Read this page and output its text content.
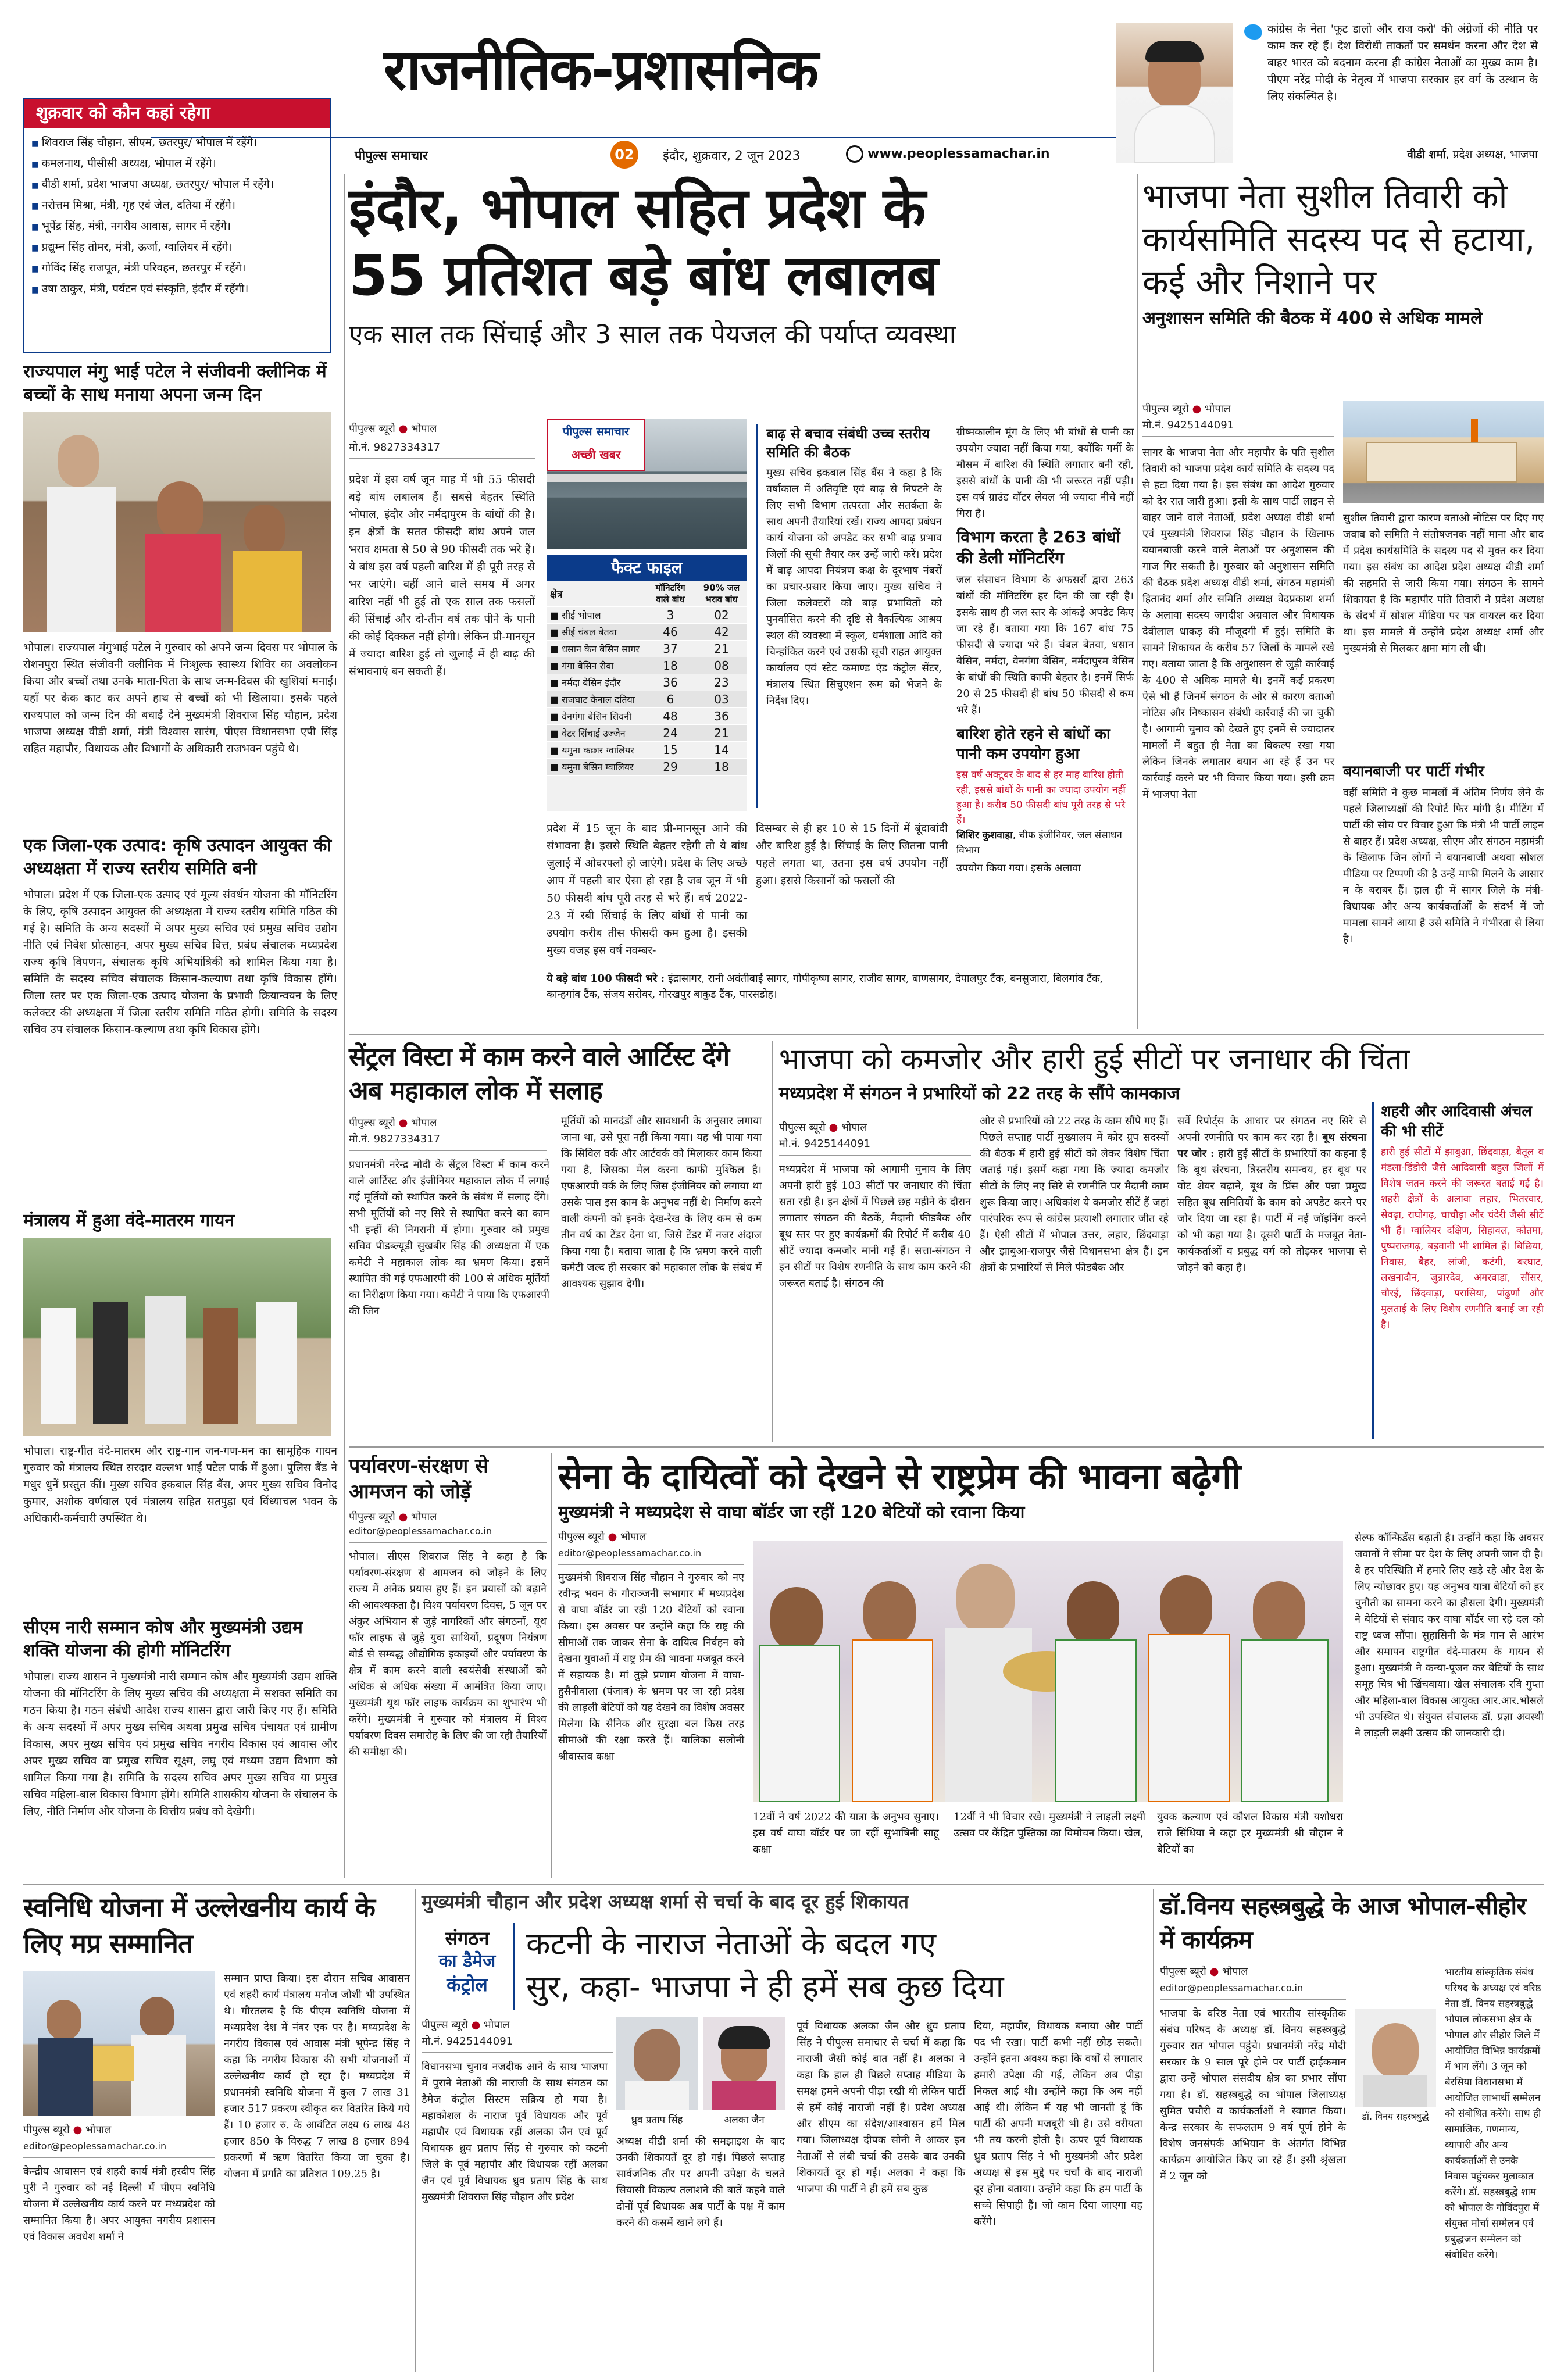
राजनीतिक-प्रशासनिक
पीपुल्स समाचार	02	इंदौर, शुक्रवार, 2 जून 2023	www.peoplessamachar.in
कांग्रेस के नेता 'फूट डालो और राज करो' की अंग्रेजों की नीति पर काम कर रहे हैं। देश विरोधी ताकतों पर समर्थन करना और देश से बाहर भारत को बदनाम करना ही कांग्रेस नेताओं का मुख्य काम है। पीएम नरेंद्र मोदी के नेतृत्व में भाजपा सरकार हर वर्ग के उत्थान के लिए संकल्पित है।
वीडी शर्मा, प्रदेश अध्यक्ष, भाजपा
शुक्रवार को कौन कहां रहेगा
■ शिवराज सिंह चौहान, सीएम, छतरपुर/ भोपाल में रहेंगे।
■ कमलनाथ, पीसीसी अध्यक्ष, भोपाल में रहेंगे।
■ वीडी शर्मा, प्रदेश भाजपा अध्यक्ष, छतरपुर/ भोपाल में रहेंगे।
■ नरोत्तम मिश्रा, मंत्री, गृह एवं जेल, दतिया में रहेंगे।
■ भूपेंद्र सिंह, मंत्री, नगरीय आवास, सागर में रहेंगे।
■ प्रद्युम्न सिंह तोमर, मंत्री, ऊर्जा, ग्वालियर में रहेंगे।
■ गोविंद सिंह राजपूत, मंत्री परिवहन, छतरपुर में रहेंगे।
■ उषा ठाकुर, मंत्री, पर्यटन एवं संस्कृति, इंदौर में रहेंगी।
राज्यपाल मंगु भाई पटेल ने संजीवनी क्लीनिक में बच्चों के साथ मनाया अपना जन्म दिन
भोपाल। राज्यपाल मंगुभाई पटेल ने गुरुवार को अपने जन्म दिवस पर भोपाल के रोशनपुरा स्थित संजीवनी क्लीनिक में निःशुल्क स्वास्थ्य शिविर का अवलोकन किया और बच्चों तथा उनके माता-पिता के साथ जन्म-दिवस की खुशियां मनाईं। यहाँ पर केक काट कर अपने हाथ से बच्चों को भी खिलाया। इसके पहले राज्यपाल को जन्म दिन की बधाई देने मुख्यमंत्री शिवराज सिंह चौहान, प्रदेश भाजपा अध्यक्ष वीडी शर्मा, मंत्री विश्वास सारंग, पीएस विधानसभा एपी सिंह सहित महापौर, विधायक और विभागों के अधिकारी राजभवन पहुंचे थे।
एक जिला-एक उत्पाद: कृषि उत्पादन आयुक्त की अध्यक्षता में राज्य स्तरीय समिति बनी
भोपाल। प्रदेश में एक जिला-एक उत्पाद एवं मूल्य संवर्धन योजना की मॉनिटरिंग के लिए, कृषि उत्पादन आयुक्त की अध्यक्षता में राज्य स्तरीय समिति गठित की गई है। समिति के अन्य सदस्यों में अपर मुख्य सचिव एवं प्रमुख सचिव उद्योग नीति एवं निवेश प्रोत्साहन, अपर मुख्य सचिव वित्त, प्रबंध संचालक मध्यप्रदेश राज्य कृषि विपणन, संचालक कृषि अभियांत्रिकी को शामिल किया गया है। समिति के सदस्य सचिव संचालक किसान-कल्याण तथा कृषि विकास होंगे। जिला स्तर पर एक जिला-एक उत्पाद योजना के प्रभावी क्रियान्वयन के लिए कलेक्टर की अध्यक्षता में जिला स्तरीय समिति गठित होगी। समिति के सदस्य सचिव उप संचालक किसान-कल्याण तथा कृषि विकास होंगे।
मंत्रालय में हुआ वंदे-मातरम गायन
भोपाल। राष्ट्र-गीत वंदे-मातरम और राष्ट्र-गान जन-गण-मन का सामूहिक गायन गुरुवार को मंत्रालय स्थित सरदार वल्लभ भाई पटेल पार्क में हुआ। पुलिस बैंड ने मधुर धुनें प्रस्तुत कीं। मुख्य सचिव इकबाल सिंह बैंस, अपर मुख्य सचिव विनोद कुमार, अशोक वर्णवाल एवं मंत्रालय सहित सतपुड़ा एवं विंध्याचल भवन के अधिकारी-कर्मचारी उपस्थित थे।
सीएम नारी सम्मान कोष और मुख्यमंत्री उद्यम शक्ति योजना की होगी मॉनिटरिंग
भोपाल। राज्य शासन ने मुख्यमंत्री नारी सम्मान कोष और मुख्यमंत्री उद्यम शक्ति योजना की मॉनिटरिंग के लिए मुख्य सचिव की अध्यक्षता में सशक्त समिति का गठन किया है। गठन संबंधी आदेश राज्य शासन द्वारा जारी किए गए हैं। समिति के अन्य सदस्यों में अपर मुख्य सचिव अथवा प्रमुख सचिव पंचायत एवं ग्रामीण विकास, अपर मुख्य सचिव एवं प्रमुख सचिव नगरीय विकास एवं आवास और अपर मुख्य सचिव वा प्रमुख सचिव सूक्ष्म, लघु एवं मध्यम उद्यम विभाग को शामिल किया गया है। समिति के सदस्य सचिव अपर मुख्य सचिव या प्रमुख सचिव महिला-बाल विकास विभाग होंगे। समिति शासकीय योजना के संचालन के लिए, नीति निर्माण और योजना के वित्तीय प्रबंध को देखेगी।
इंदौर, भोपाल सहित प्रदेश के
55 प्रतिशत बड़े बांध लबालब
एक साल तक सिंचाई और 3 साल तक पेयजल की पर्याप्त व्यवस्था
पीपुल्स ब्यूरो ● भोपाल
मो.नं. 9827334317
प्रदेश में इस वर्ष जून माह में भी 55 फीसदी बड़े बांध लबालब हैं। सबसे बेहतर स्थिति भोपाल, इंदौर और नर्मदापुरम के बांधों की है। इन क्षेत्रों के सतत फीसदी बांध अपने जल भराव क्षमता से 50 से 90 फीसदी तक भरे हैं। ये बांध इस वर्ष पहली बारिश में ही पूरी तरह से भर जाएंगे। वहीं आने वाले समय में अगर बारिश नहीं भी हुई तो एक साल तक फसलों की सिंचाई और दो-तीन वर्ष तक पीने के पानी की कोई दिक्कत नहीं होगी। लेकिन प्री-मानसून में ज्यादा बारिश हुई तो जुलाई में ही बाढ़ की संभावनाएं बन सकती हैं।
पीपुल्स समाचार
अच्छी खबर
फैक्ट फाइल
क्षेत्र	मॉनिटरिंग वाले बांध	90% जल भराव बांध
■ सीई भोपाल	3	02
■ सीई चंबल बेतवा	46	42
■ धसान केन बेसिन सागर	37	21
■ गंगा बेसिन रीवा	18	08
■ नर्मदा बेसिन इंदौर	36	23
■ राजघाट कैनाल दतिया	6	03
■ वेनगंगा बेसिन सिवनी	48	36
■ वेटर सिंचाई उज्जैन	24	21
■ यमुना कछार ग्वालियर	15	14
■ यमुना बेसिन ग्वालियर	29	18
प्रदेश में 15 जून के बाद प्री-मानसून आने की संभावना है। इससे स्थिति बेहतर रहेगी तो ये बांध जुलाई में ओवरफ्लो हो जाएंगे। प्रदेश के लिए अच्छे आप में पहली बार ऐसा हो रहा है जब जून में भी 50 फीसदी बांध पूरी तरह से भरे हैं। वर्ष 2022-23 में रबी सिंचाई के लिए बांधों से पानी का उपयोग करीब तीस फीसदी कम हुआ है। इसकी मुख्य वजह इस वर्ष नवम्बर-
बाढ़ से बचाव संबंधी उच्च स्तरीय समिति की बैठक
मुख्य सचिव इकबाल सिंह बैंस ने कहा है कि वर्षाकाल में अतिवृष्टि एवं बाढ़ से निपटने के लिए सभी विभाग तत्परता और सतर्कता के साथ अपनी तैयारियां रखें। राज्य आपदा प्रबंधन कार्य योजना को अपडेट कर सभी बाढ़ प्रभाव जिलों की सूची तैयार कर उन्हें जारी करें। प्रदेश में बाढ़ आपदा नियंत्रण कक्ष के दूरभाष नंबरों का प्रचार-प्रसार किया जाए। मुख्य सचिव ने जिला कलेक्टरों को बाढ़ प्रभावितों को पुनर्वासित करने की दृष्टि से वैकल्पिक आश्रय स्थल की व्यवस्था में स्कूल, धर्मशाला आदि को चिन्हांकित करने एवं उसकी सूची राहत आयुक्त कार्यालय एवं स्टेट कमाण्ड एंड कंट्रोल सेंटर, मंत्रालय स्थित सिचुएशन रूम को भेजने के निर्देश दिए।
दिसम्बर से ही हर 10 से 15 दिनों में बूंदाबांदी और बारिश हुई है। सिंचाई के लिए जितना पानी पहले लगता था, उतना इस वर्ष उपयोग नहीं हुआ। इससे किसानों को फसलों की
ये बड़े बांध 100 फीसदी भरे : इंद्रासागर, रानी अवंतीबाई सागर, गोपीकृष्ण सागर, राजीव सागर, बाणसागर, देपालपुर टैंक, बनसुजारा, बिलगांव टैंक, कान्हगांव टैंक, संजय सरोवर, गोरखपुर बाकुड टैंक, पारसडोह।
ग्रीष्मकालीन मूंग के लिए भी बांधों से पानी का उपयोग ज्यादा नहीं किया गया, क्योंकि गर्मी के मौसम में बारिश की स्थिति लगातार बनी रही, इससे बांधों के पानी की भी जरूरत नहीं पड़ी। इस वर्ष ग्राउंड वॉटर लेवल भी ज्यादा नीचे नहीं गिरा है।
विभाग करता है 263 बांधों की डेली मॉनिटरिंग
जल संसाधन विभाग के अफसरों द्वारा 263 बांधों की मॉनिटरिंग हर दिन की जा रही है। इसके साथ ही जल स्तर के आंकड़े अपडेट किए जा रहे हैं। बताया गया कि 167 बांध 75 फीसदी से ज्यादा भरे हैं। चंबल बेतवा, धसान बेसिन, नर्मदा, वेनगंगा बेसिन, नर्मदापुरम बेसिन के बांधों की स्थिति काफी बेहतर है। इनमें सिर्फ 20 से 25 फीसदी ही बांध 50 फीसदी से कम भरे हैं।
बारिश होते रहने से बांधों का पानी कम उपयोग हुआ
इस वर्ष अक्टूबर के बाद से हर माह बारिश होती रही, इससे बांधों के पानी का ज्यादा उपयोग नहीं हुआ है। करीब 50 फीसदी बांध पूरी तरह से भरे हैं।
शिशिर कुशवाहा, चीफ इंजीनियर, जल संसाधन विभाग
उपयोग किया गया। इसके अलावा
भाजपा नेता सुशील तिवारी को कार्यसमिति सदस्य पद से हटाया, कई और निशाने पर
अनुशासन समिति की बैठक में 400 से अधिक मामले
पीपुल्स ब्यूरो ● भोपाल
मो.नं. 9425144091
सागर के भाजपा नेता और महापौर के पति सुशील तिवारी को भाजपा प्रदेश कार्य समिति के सदस्य पद से हटा दिया गया है। इस संबंध का आदेश गुरुवार को देर रात जारी हुआ। इसी के साथ पार्टी लाइन से बाहर जाने वाले नेताओं, प्रदेश अध्यक्ष वीडी शर्मा एवं मुख्यमंत्री शिवराज सिंह चौहान के खिलाफ बयानबाजी करने वाले नेताओं पर अनुशासन की गाज गिर सकती है। गुरुवार को अनुशासन समिति की बैठक प्रदेश अध्यक्ष वीडी शर्मा, संगठन महामंत्री हितानंद शर्मा और समिति अध्यक्ष वेदप्रकाश शर्मा के अलावा सदस्य जगदीश अग्रवाल और विधायक देवीलाल धाकड़ की मौजूदगी में हुई। समिति के सामने शिकायत के करीब 57 जिलों के मामले रखे गए। बताया जाता है कि अनुशासन से जुड़ी कार्रवाई के 400 से अधिक मामले थे। इनमें कई प्रकरण ऐसे भी हैं जिनमें संगठन के ओर से कारण बताओ नोटिस और निष्कासन संबंधी कार्रवाई की जा चुकी है। आगामी चुनाव को देखते हुए इनमें से ज्यादातर मामलों में बहुत ही नेता का विकल्प रखा गया लेकिन जिनके लगातार बयान आ रहे हैं उन पर कार्रवाई करने पर भी विचार किया गया। इसी क्रम में भाजपा नेता
सुशील तिवारी द्वारा कारण बताओ नोटिस पर दिए गए जवाब को समिति ने संतोषजनक नहीं माना और बाद में प्रदेश कार्यसमिति के सदस्य पद से मुक्त कर दिया गया। इस संबंध का आदेश प्रदेश अध्यक्ष वीडी शर्मा की सहमति से जारी किया गया। संगठन के सामने शिकायत है कि महापौर पति तिवारी ने प्रदेश अध्यक्ष के संदर्भ में सोशल मीडिया पर पत्र वायरल कर दिया था। इस मामले में उन्होंने प्रदेश अध्यक्ष शर्मा और मुख्यमंत्री से मिलकर क्षमा मांग ली थी।
बयानबाजी पर पार्टी गंभीर
वहीं समिति ने कुछ मामलों में अंतिम निर्णय लेने के पहले जिलाध्यक्षों की रिपोर्ट फिर मांगी है। मीटिंग में पार्टी की सोच पर विचार हुआ कि मंत्री भी पार्टी लाइन से बाहर हैं। प्रदेश अध्यक्ष, सीएम और संगठन महामंत्री के खिलाफ जिन लोगों ने बयानबाजी अथवा सोशल मीडिया पर टिप्पणी की है उन्हें माफी मिलने के आसार न के बराबर हैं। हाल ही में सागर जिले के मंत्री-विधायक और अन्य कार्यकर्ताओं के संदर्भ में जो मामला सामने आया है उसे समिति ने गंभीरता से लिया है।
सेंट्रल विस्टा में काम करने वाले आर्टिस्ट देंगे अब महाकाल लोक में सलाह
पीपुल्स ब्यूरो ● भोपाल
मो.नं. 9827334317
प्रधानमंत्री नरेन्द्र मोदी के सेंट्रल विस्टा में काम करने वाले आर्टिस्ट और इंजीनियर महाकाल लोक में लगाई गई मूर्तियों को स्थापित करने के संबंध में सलाह देंगे। सभी मूर्तियों को नए सिरे से स्थापित करने का काम भी इन्हीं की निगरानी में होगा। गुरुवार को प्रमुख सचिव पीडब्ल्यूडी सुखबीर सिंह की अध्यक्षता में एक कमेटी ने महाकाल लोक का भ्रमण किया। इसमें स्थापित की गई एफआरपी की 100 से अधिक मूर्तियों का निरीक्षण किया गया। कमेटी ने पाया कि एफआरपी की जिन
मूर्तियों को मानदंडों और सावधानी के अनुसार लगाया जाना था, उसे पूरा नहीं किया गया। यह भी पाया गया कि सिविल वर्क और आर्टवर्क को मिलाकर काम किया गया है, जिसका मेल करना काफी मुश्किल है। एफआरपी वर्क के लिए जिस इंजीनियर को लगाया था उसके पास इस काम के अनुभव नहीं थे। निर्माण करने वाली कंपनी को इनके देख-रेख के लिए कम से कम तीन वर्ष का टेंडर देना था, जिसे टेंडर में नजर अंदाज किया गया है। बताया जाता है कि भ्रमण करने वाली कमेटी जल्द ही सरकार को महाकाल लोक के संबंध में आवश्यक सुझाव देगी।
भाजपा को कमजोर और हारी हुई सीटों पर जनाधार की चिंता
मध्यप्रदेश में संगठन ने प्रभारियों को 22 तरह के सौंपे कामकाज
पीपुल्स ब्यूरो ● भोपाल
मो.नं. 9425144091
मध्यप्रदेश में भाजपा को आगामी चुनाव के लिए अपनी हारी हुई 103 सीटों पर जनाधार की चिंता सता रही है। इन क्षेत्रों में पिछले छह महीने के दौरान लगातार संगठन की बैठकें, मैदानी फीडबैक और बूथ स्तर पर हुए कार्यक्रमों की रिपोर्ट में करीब 40 सीटें ज्यादा कमजोर मानी गई हैं। सत्ता-संगठन ने इन सीटों पर विशेष रणनीति के साथ काम करने की जरूरत बताई है। संगठन की
ओर से प्रभारियों को 22 तरह के काम सौंपे गए हैं। पिछले सप्ताह पार्टी मुख्यालय में कोर ग्रुप सदस्यों की बैठक में हारी हुई सीटों को लेकर विशेष चिंता जताई गई। इसमें कहा गया कि ज्यादा कमजोर सीटों के लिए नए सिरे से रणनीति पर मैदानी काम शुरू किया जाए। अधिकांश ये कमजोर सीटें हैं जहां पारंपरिक रूप से कांग्रेस प्रत्याशी लगातार जीत रहे हैं। ऐसी सीटों में भोपाल उत्तर, लहार, छिंदवाड़ा और झाबुआ-राजपुर जैसे विधानसभा क्षेत्र हैं। इन क्षेत्रों के प्रभारियों से मिले फीडबैक और
सर्वे रिपोर्ट्स के आधार पर संगठन नए सिरे से अपनी रणनीति पर काम कर रहा है। बूथ संरचना पर जोर : हारी हुई सीटों के प्रभारियों का कहना है कि बूथ संरचना, त्रिस्तरीय समन्वय, हर बूथ पर वोट शेयर बढ़ाने, बूथ के प्रिंस और पन्ना प्रमुख सहित बूथ समितियों के काम को अपडेट करने पर जोर दिया जा रहा है। पार्टी में नई जॉइनिंग करने को भी कहा गया है। दूसरी पार्टी के मजबूत नेता-कार्यकर्ताओं व प्रबुद्ध वर्ग को तोड़कर भाजपा से जोड़ने को कहा है।
शहरी और आदिवासी अंचल की भी सीटें
हारी हुई सीटों में झाबुआ, छिंदवाड़ा, बैतूल व मंडला-डिंडोरी जैसे आदिवासी बहुल जिलों में विशेष जतन करने की जरूरत बताई गई है। शहरी क्षेत्रों के अलावा लहार, भितरवार, सेवढ़ा, राघोगढ़, चाचौड़ा और चंदेरी जैसी सीटें भी हैं। ग्वालियर दक्षिण, सिहावल, कोतमा, पुष्पराजगढ़, बड़वानी भी शामिल हैं। बिछिया, निवास, बैहर, लांजी, कटंगी, बरघाट, लखनादौन, जुन्नारदेव, अमरवाड़ा, सौंसर, चौरई, छिंदवाड़ा, परासिया, पांढुर्णा और मुलताई के लिए विशेष रणनीति बनाई जा रही है।
पर्यावरण-संरक्षण से आमजन को जोड़ें
पीपुल्स ब्यूरो ● भोपाल
editor@peoplessamachar.co.in
भोपाल। सीएस शिवराज सिंह ने कहा है कि पर्यावरण-संरक्षण से आमजन को जोड़ने के लिए राज्य में अनेक प्रयास हुए हैं। इन प्रयासों को बढ़ाने की आवश्यकता है। विश्व पर्यावरण दिवस, 5 जून पर अंकुर अभियान से जुड़े नागरिकों और संगठनों, यूथ फॉर लाइफ से जुड़े युवा साथियों, प्रदूषण नियंत्रण बोर्ड से सम्बद्ध औद्योगिक इकाइयों और पर्यावरण के क्षेत्र में काम करने वाली स्वयंसेवी संस्थाओं को अधिक से अधिक संख्या में आमंत्रित किया जाए। मुख्यमंत्री यूथ फॉर लाइफ कार्यक्रम का शुभारंभ भी करेंगे। मुख्यमंत्री ने गुरुवार को मंत्रालय में विश्व पर्यावरण दिवस समारोह के लिए की जा रही तैयारियों की समीक्षा की।
सेना के दायित्वों को देखने से राष्ट्रप्रेम की भावना बढ़ेगी
मुख्यमंत्री ने मध्यप्रदेश से वाघा बॉर्डर जा रहीं 120 बेटियों को रवाना किया
पीपुल्स ब्यूरो ● भोपाल
editor@peoplessamachar.co.in
मुख्यमंत्री शिवराज सिंह चौहान ने गुरुवार को नए रवीन्द्र भवन के गौराञ्जनी सभागार में मध्यप्रदेश से वाघा बॉर्डर जा रही 120 बेटियों को रवाना किया। इस अवसर पर उन्होंने कहा कि राष्ट्र की सीमाओं तक जाकर सेना के दायित्व निर्वहन को देखना युवाओं में राष्ट्र प्रेम की भावना मजबूत करने में सहायक है। मां तुझे प्रणाम योजना में वाघा-हुसैनीवाला (पंजाब) के भ्रमण पर जा रही प्रदेश की लाड़ली बेटियों को यह देखने का विशेष अवसर मिलेगा कि सैनिक और सुरक्षा बल किस तरह सीमाओं की रक्षा करते हैं। बालिका सलोनी श्रीवास्तव कक्षा
12वीं ने वर्ष 2022 की यात्रा के अनुभव सुनाए। इस वर्ष वाघा बॉर्डर पर जा रहीं सुभाषिनी साहू कक्षा
12वीं ने भी विचार रखे। मुख्यमंत्री ने लाड़ली लक्ष्मी उत्सव पर केंद्रित पुस्तिका का विमोचन किया। खेल,
युवक कल्याण एवं कौशल विकास मंत्री यशोधरा राजे सिंधिया ने कहा हर मुख्यमंत्री श्री चौहान ने बेटियों का
सेल्फ कॉन्फिडेंस बढ़ाती है। उन्होंने कहा कि अवसर जवानों ने सीमा पर देश के लिए अपनी जान दी है। वे हर परिस्थिति में हमारे लिए खड़े रहे और देश के लिए न्योछावर हुए। यह अनुभव यात्रा बेटियों को हर चुनौती का सामना करने का हौसला देगी। मुख्यमंत्री ने बेटियों से संवाद कर वाघा बॉर्डर जा रहे दल को राष्ट्र ध्वज सौंपा। सुहासिनी के मंत्र गान से आरंभ और समापन राष्ट्रगीत वंदे-मातरम के गायन से हुआ। मुख्यमंत्री ने कन्या-पूजन कर बेटियों के साथ समूह चित्र भी खिंचवाया। खेल संचालक रवि गुप्ता और महिला-बाल विकास आयुक्त आर.आर.भोसले भी उपस्थित थे। संयुक्त संचालक डॉ. प्रज्ञा अवस्थी ने लाड़ली लक्ष्मी उत्सव की जानकारी दी।
स्वनिधि योजना में उल्लेखनीय कार्य के लिए मप्र सम्मानित
पीपुल्स ब्यूरो ● भोपाल
editor@peoplessamachar.co.in
केन्द्रीय आवासन एवं शहरी कार्य मंत्री हरदीप सिंह पुरी ने गुरुवार को नई दिल्ली में पीएम स्वनिधि योजना में उल्लेखनीय कार्य करने पर मध्यप्रदेश को सम्मानित किया है। अपर आयुक्त नगरीय प्रशासन एवं विकास अवधेश शर्मा ने
सम्मान प्राप्त किया। इस दौरान सचिव आवासन एवं शहरी कार्य मंत्रालय मनोज जोशी भी उपस्थित थे। गौरतलब है कि पीएम स्वनिधि योजना में मध्यप्रदेश देश में नंबर एक पर है। मध्यप्रदेश के नगरीय विकास एवं आवास मंत्री भूपेन्द्र सिंह ने कहा कि नगरीय विकास की सभी योजनाओं में उल्लेखनीय कार्य हो रहा है। मध्यप्रदेश में प्रधानमंत्री स्वनिधि योजना में कुल 7 लाख 31 हजार 517 प्रकरण स्वीकृत कर वितरित किये गये हैं। 10 हजार रु. के आवंटित लक्ष्य 6 लाख 48 हजार 850 के विरुद्ध 7 लाख 8 हजार 894 प्रकरणों में ऋण वितरित किया जा चुका है। योजना में प्रगति का प्रतिशत 109.25 है।
मुख्यमंत्री चौहान और प्रदेश अध्यक्ष शर्मा से चर्चा के बाद दूर हुई शिकायत
संगठन
का डैमेज
कंट्रोल
कटनी के नाराज नेताओं के बदल गए
सुर, कहा- भाजपा ने ही हमें सब कुछ दिया
पीपुल्स ब्यूरो ● भोपाल
मो.नं. 9425144091
विधानसभा चुनाव नजदीक आने के साथ भाजपा में पुराने नेताओं की नाराजी के साथ संगठन का डैमेज कंट्रोल सिस्टम सक्रिय हो गया है। महाकोशल के नाराज पूर्व विधायक और पूर्व महापौर एवं विधायक रहीं अलका जैन एवं पूर्व विधायक ध्रुव प्रताप सिंह से गुरुवार को कटनी जिले के पूर्व महापौर और विधायक रहीं अलका जैन एवं पूर्व विधायक ध्रुव प्रताप सिंह के साथ मुख्यमंत्री शिवराज सिंह चौहान और प्रदेश
ध्रुव प्रताप सिंह	अलका जैन
अध्यक्ष वीडी शर्मा की समझाइश के बाद उनकी शिकायतें दूर हो गई। पिछले सप्ताह सार्वजनिक तौर पर अपनी उपेक्षा के चलते सियासी विकल्प तलाशने की बातें कहने वाले दोनों पूर्व विधायक अब पार्टी के पक्ष में काम करने की कसमें खाने लगे हैं।
पूर्व विधायक अलका जैन और ध्रुव प्रताप सिंह ने पीपुल्स समाचार से चर्चा में कहा कि नाराजी जैसी कोई बात नहीं है। अलका ने कहा कि हाल ही पिछले सप्ताह मीडिया के समक्ष हमने अपनी पीड़ा रखी थी लेकिन पार्टी से हमें कोई नाराजी नहीं है। प्रदेश अध्यक्ष और सीएम का संदेश/आश्वासन हमें मिल गया। जिलाध्यक्ष दीपक सोनी ने आकर इन नेताओं से लंबी चर्चा की उसके बाद उनकी शिकायतें दूर हो गईं। अलका ने कहा कि भाजपा की पार्टी ने ही हमें सब कुछ
दिया, महापौर, विधायक बनाया और पार्टी पद भी रखा। पार्टी कभी नहीं छोड़ सकते। उन्होंने इतना अवश्य कहा कि वर्षों से लगातार हमारी उपेक्षा की गई, लेकिन अब पीड़ा निकल आई थी। उन्होंने कहा कि अब नहीं आई थी। लेकिन मैं यह भी जानती हूं कि पार्टी की अपनी मजबूरी भी है। उसे वरीयता भी तय करनी होती है। ऊपर पूर्व विधायक ध्रुव प्रताप सिंह ने भी मुख्यमंत्री और प्रदेश अध्यक्ष से इस मुद्दे पर चर्चा के बाद नाराजी दूर होना बताया। उन्होंने कहा कि हम पार्टी के सच्चे सिपाही हैं। जो काम दिया जाएगा वह करेंगे।
डॉ.विनय सहस्त्रबुद्धे के आज भोपाल-सीहोर में कार्यक्रम
पीपुल्स ब्यूरो ● भोपाल
editor@peoplessamachar.co.in
भाजपा के वरिष्ठ नेता एवं भारतीय सांस्कृतिक संबंध परिषद के अध्यक्ष डॉ. विनय सहस्त्रबुद्धे गुरुवार रात भोपाल पहुंचे। प्रधानमंत्री नरेंद्र मोदी सरकार के 9 साल पूरे होने पर पार्टी हाईकमान द्वारा उन्हें भोपाल संसदीय क्षेत्र का प्रभार सौंपा गया है। डॉ. सहस्त्रबुद्धे का भोपाल जिलाध्यक्ष सुमित पचौरी व कार्यकर्ताओं ने स्वागत किया। केन्द्र सरकार के सफलतम 9 वर्ष पूर्ण होने के विशेष जनसंपर्क अभियान के अंतर्गत विभिन्न कार्यक्रम आयोजित किए जा रहे हैं। इसी श्रृंखला में 2 जून को
डॉ. विनय सहस्त्रबुद्धे
भारतीय सांस्कृतिक संबंध परिषद के अध्यक्ष एवं वरिष्ठ नेता डॉ. विनय सहस्त्रबुद्धे भोपाल लोकसभा क्षेत्र के भोपाल और सीहोर जिले में आयोजित विभिन्न कार्यक्रमों में भाग लेंगे। 3 जून को बैरसिया विधानसभा में आयोजित लाभार्थी सम्मेलन को संबोधित करेंगे। साथ ही सामाजिक, गणमान्य, व्यापारी और अन्य कार्यकर्ताओं से उनके निवास पहुंचकर मुलाकात करेंगे। डॉ. सहस्त्रबुद्धे शाम को भोपाल के गोविंदपुरा में संयुक्त मोर्चा सम्मेलन एवं प्रबुद्धजन सम्मेलन को संबोधित करेंगे।
